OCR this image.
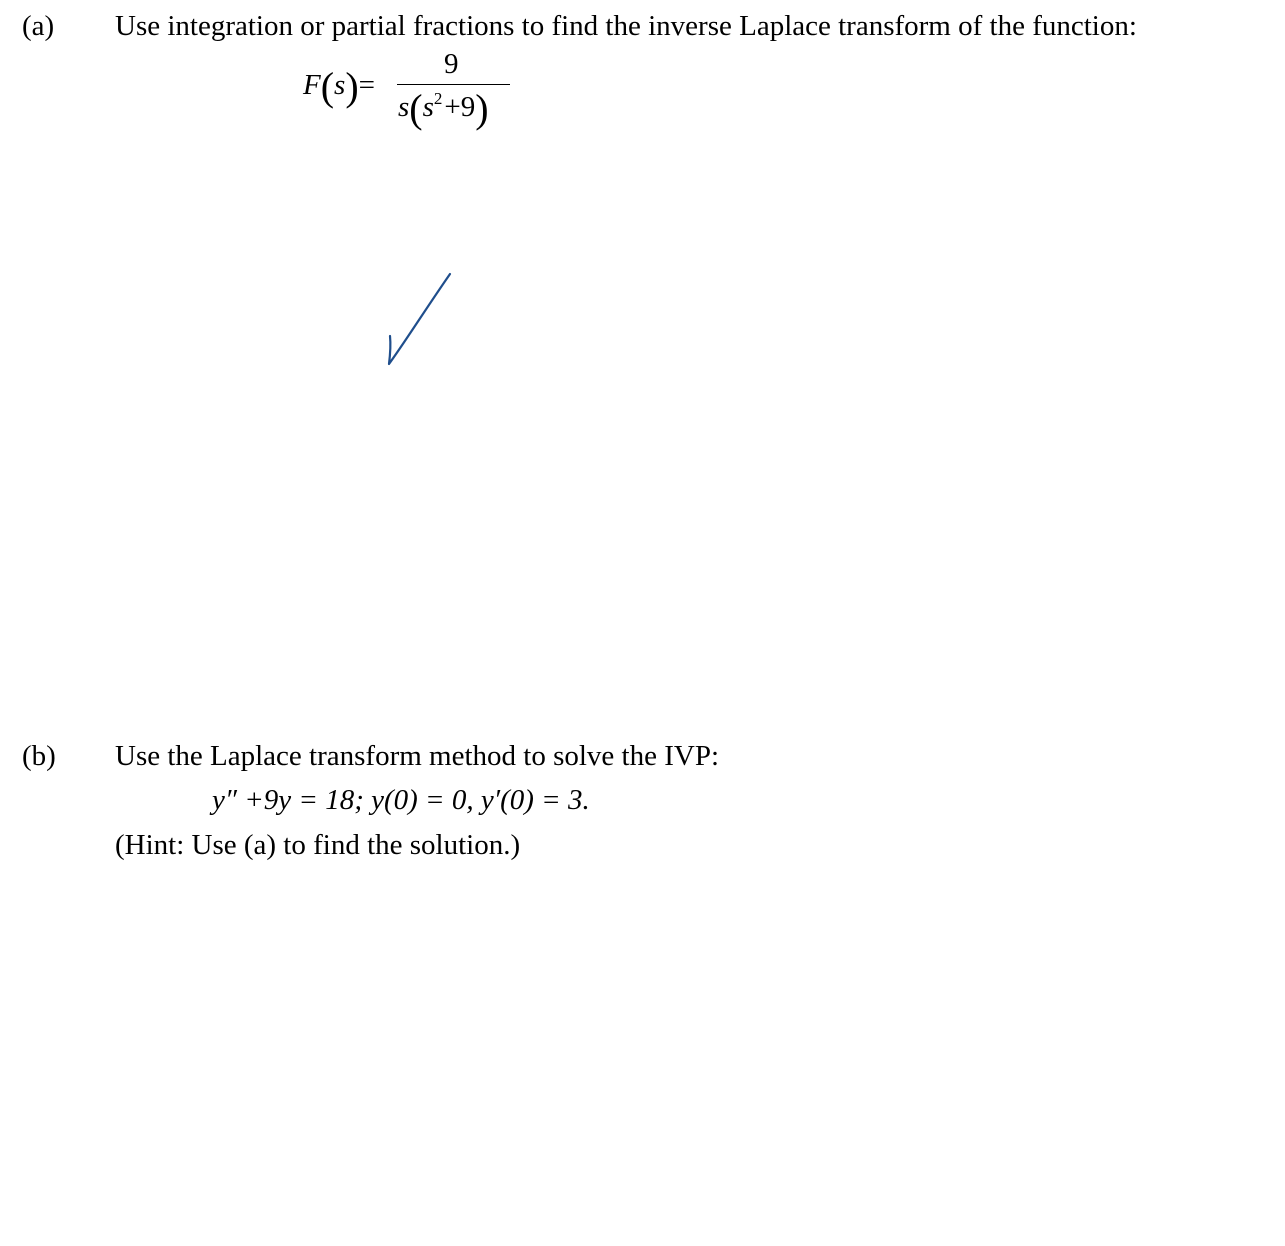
(a) Use integration or partial fractions to find the inverse Laplace transform of the function:
F(s)=
9
$s(s^2+9)$
(b) Use the Laplace transform method to solve the IVP:
y″ +9y = 18; y(0) = 0, y′(0) = 3.
(Hint: Use (a) to find the solution.)
